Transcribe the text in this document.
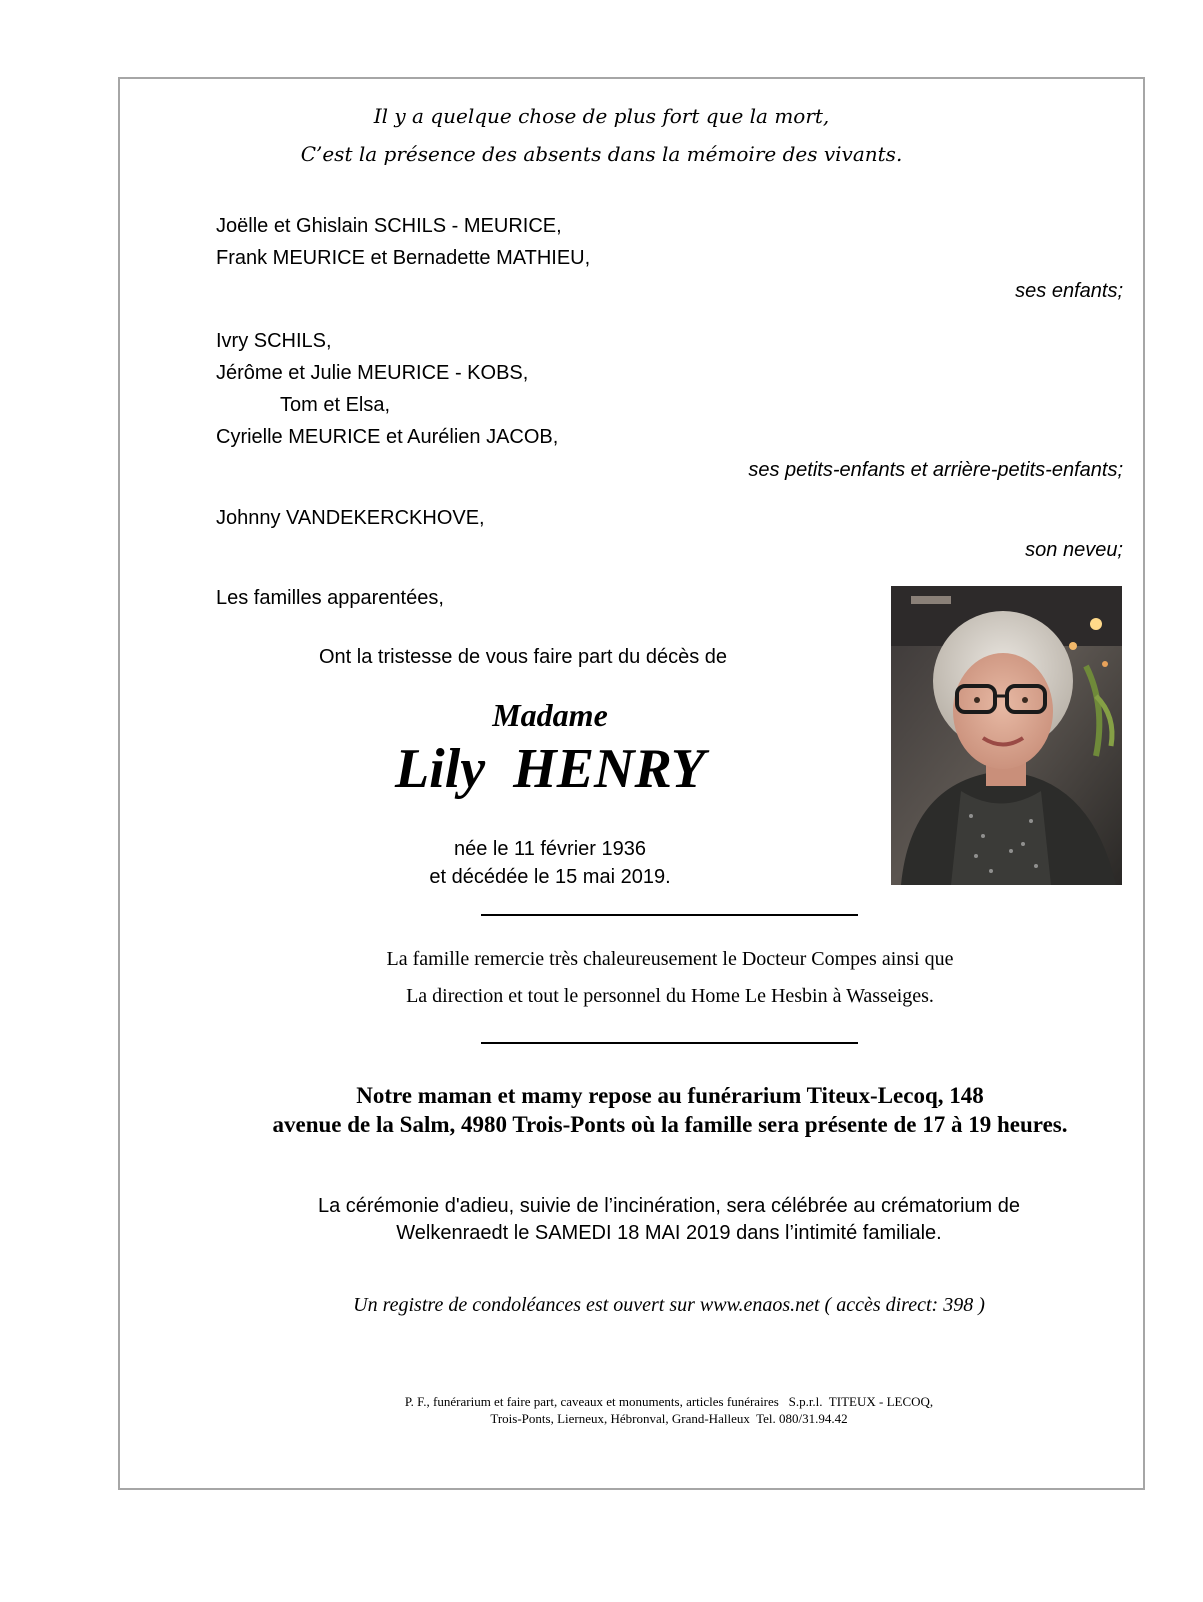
Il y a quelque chose de plus fort que la mort,
C’est la présence des absents dans la mémoire des vivants.
Joëlle et Ghislain SCHILS - MEURICE,
Frank MEURICE et Bernadette MATHIEU,
ses enfants;
Ivry SCHILS,
Jérôme et Julie MEURICE - KOBS,
Tom et Elsa,
Cyrielle MEURICE et Aurélien JACOB,
ses petits-enfants et arrière-petits-enfants;
Johnny VANDEKERCKHOVE,
son neveu;
Les familles apparentées,
Ont la tristesse de vous faire part du décès de
Madame
Lily  HENRY
née le 11 février 1936
et décédée le 15 mai 2019.
La famille remercie très chaleureusement le Docteur Compes ainsi que
La direction et tout le personnel du Home Le Hesbin à Wasseiges.
Notre maman et mamy repose au funérarium Titeux-Lecoq, 148
avenue de la Salm, 4980 Trois-Ponts où la famille sera présente de 17 à 19 heures.
La cérémonie d'adieu, suivie de l’incinération, sera célébrée au crématorium de
Welkenraedt le SAMEDI 18 MAI 2019 dans l’intimité familiale.
Un registre de condoléances est ouvert sur www.enaos.net ( accès direct: 398 )
P. F., funérarium et faire part, caveaux et monuments, articles funéraires   S.p.r.l.  TITEUX - LECOQ,
Trois-Ponts, Lierneux, Hébronval, Grand-Halleux  Tel. 080/31.94.42
